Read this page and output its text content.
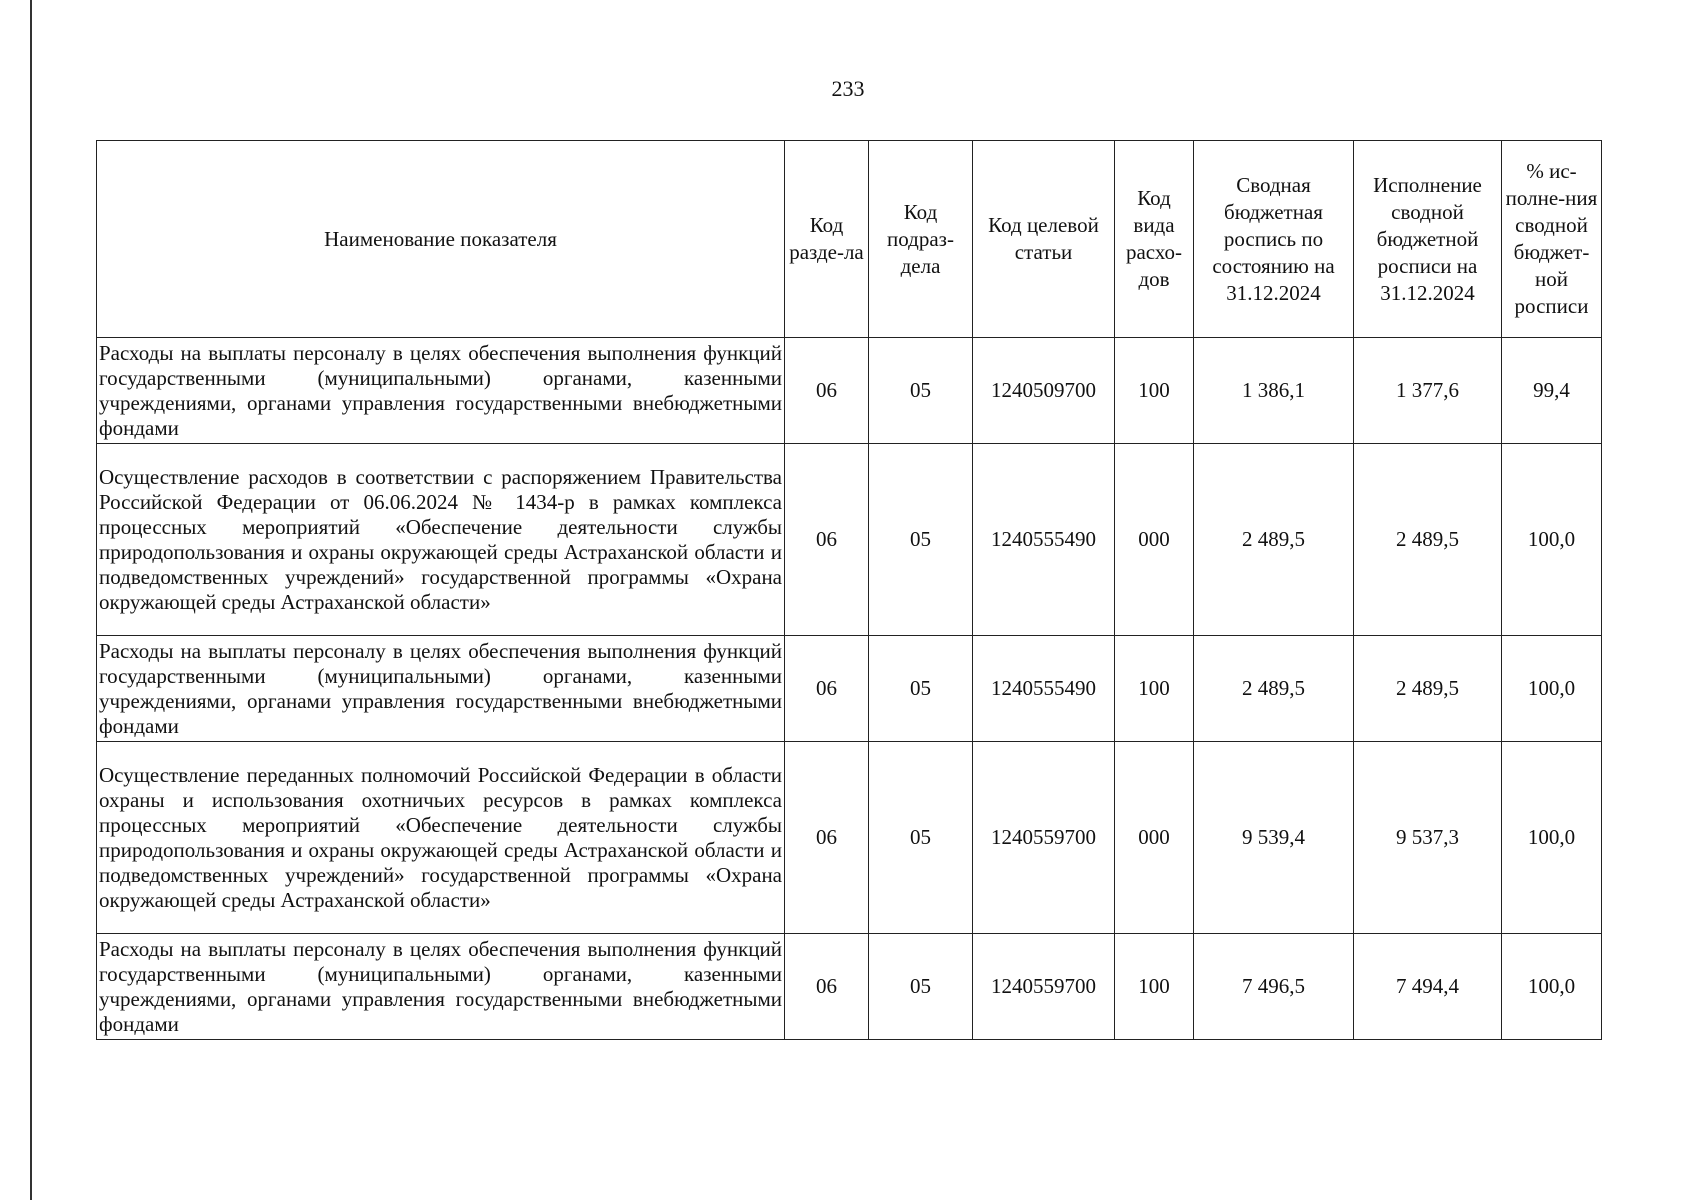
233
Наименование показателя	Код разде-ла	Код подраз-дела	Код целевой статьи	Код вида расхо-дов	Сводная бюджетная роспись по состоянию на 31.12.2024	Исполнение сводной бюджетной росписи на 31.12.2024	% ис-полне-ния сводной бюджет-ной росписи
Расходы на выплаты персоналу в целях обеспечения выполнения функций государственными (муниципальными) органами, казенными учреждениями, органами управления государственными внебюджетными фондами	06	05	1240509700	100	1 386,1	1 377,6	99,4
Осуществление расходов в соответствии с распоряжением Правительства Российской Федерации от 06.06.2024 № 1434-р в рамках комплекса процессных мероприятий «Обеспечение деятельности службы природопользования и охраны окружающей среды Астраханской области и подведомственных учреждений» государственной программы «Охрана окружающей среды Астраханской области»	06	05	1240555490	000	2 489,5	2 489,5	100,0
Расходы на выплаты персоналу в целях обеспечения выполнения функций государственными (муниципальными) органами, казенными учреждениями, органами управления государственными внебюджетными фондами	06	05	1240555490	100	2 489,5	2 489,5	100,0
Осуществление переданных полномочий Российской Федерации в области охраны и использования охотничьих ресурсов в рамках комплекса процессных мероприятий «Обеспечение деятельности службы природопользования и охраны окружающей среды Астраханской области и подведомственных учреждений» государственной программы «Охрана окружающей среды Астраханской области»	06	05	1240559700	000	9 539,4	9 537,3	100,0
Расходы на выплаты персоналу в целях обеспечения выполнения функций государственными (муниципальными) органами, казенными учреждениями, органами управления государственными внебюджетными фондами	06	05	1240559700	100	7 496,5	7 494,4	100,0
